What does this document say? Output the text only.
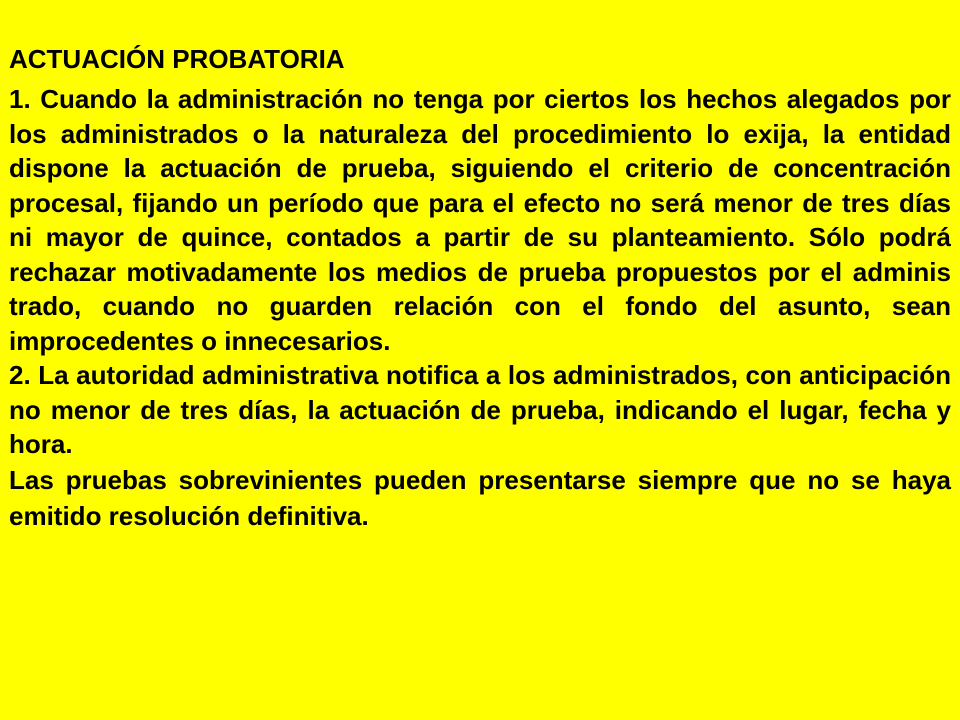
ACTUACIÓN PROBATORIA

1. Cuando la administración no tenga por ciertos los hechos alegados por los administrados o la naturaleza del procedimiento lo exija, la entidad dispone la actuación de prueba, siguiendo el criterio de concentración procesal, fijando un período que para el efecto no será menor de tres días ni mayor de quince, contados a partir de su planteamiento. Sólo podrá rechazar motivadamente los medios de prueba propuestos por el adminis trado, cuando no guarden relación con el fondo del asunto, sean improcedentes o innecesarios.

2. La autoridad administrativa notifica a los administrados, con anticipación no menor de tres días, la actuación de prueba, indicando el lugar, fecha y hora.

Las pruebas sobrevinientes pueden presentarse siempre que no se haya emitido resolución definitiva.
